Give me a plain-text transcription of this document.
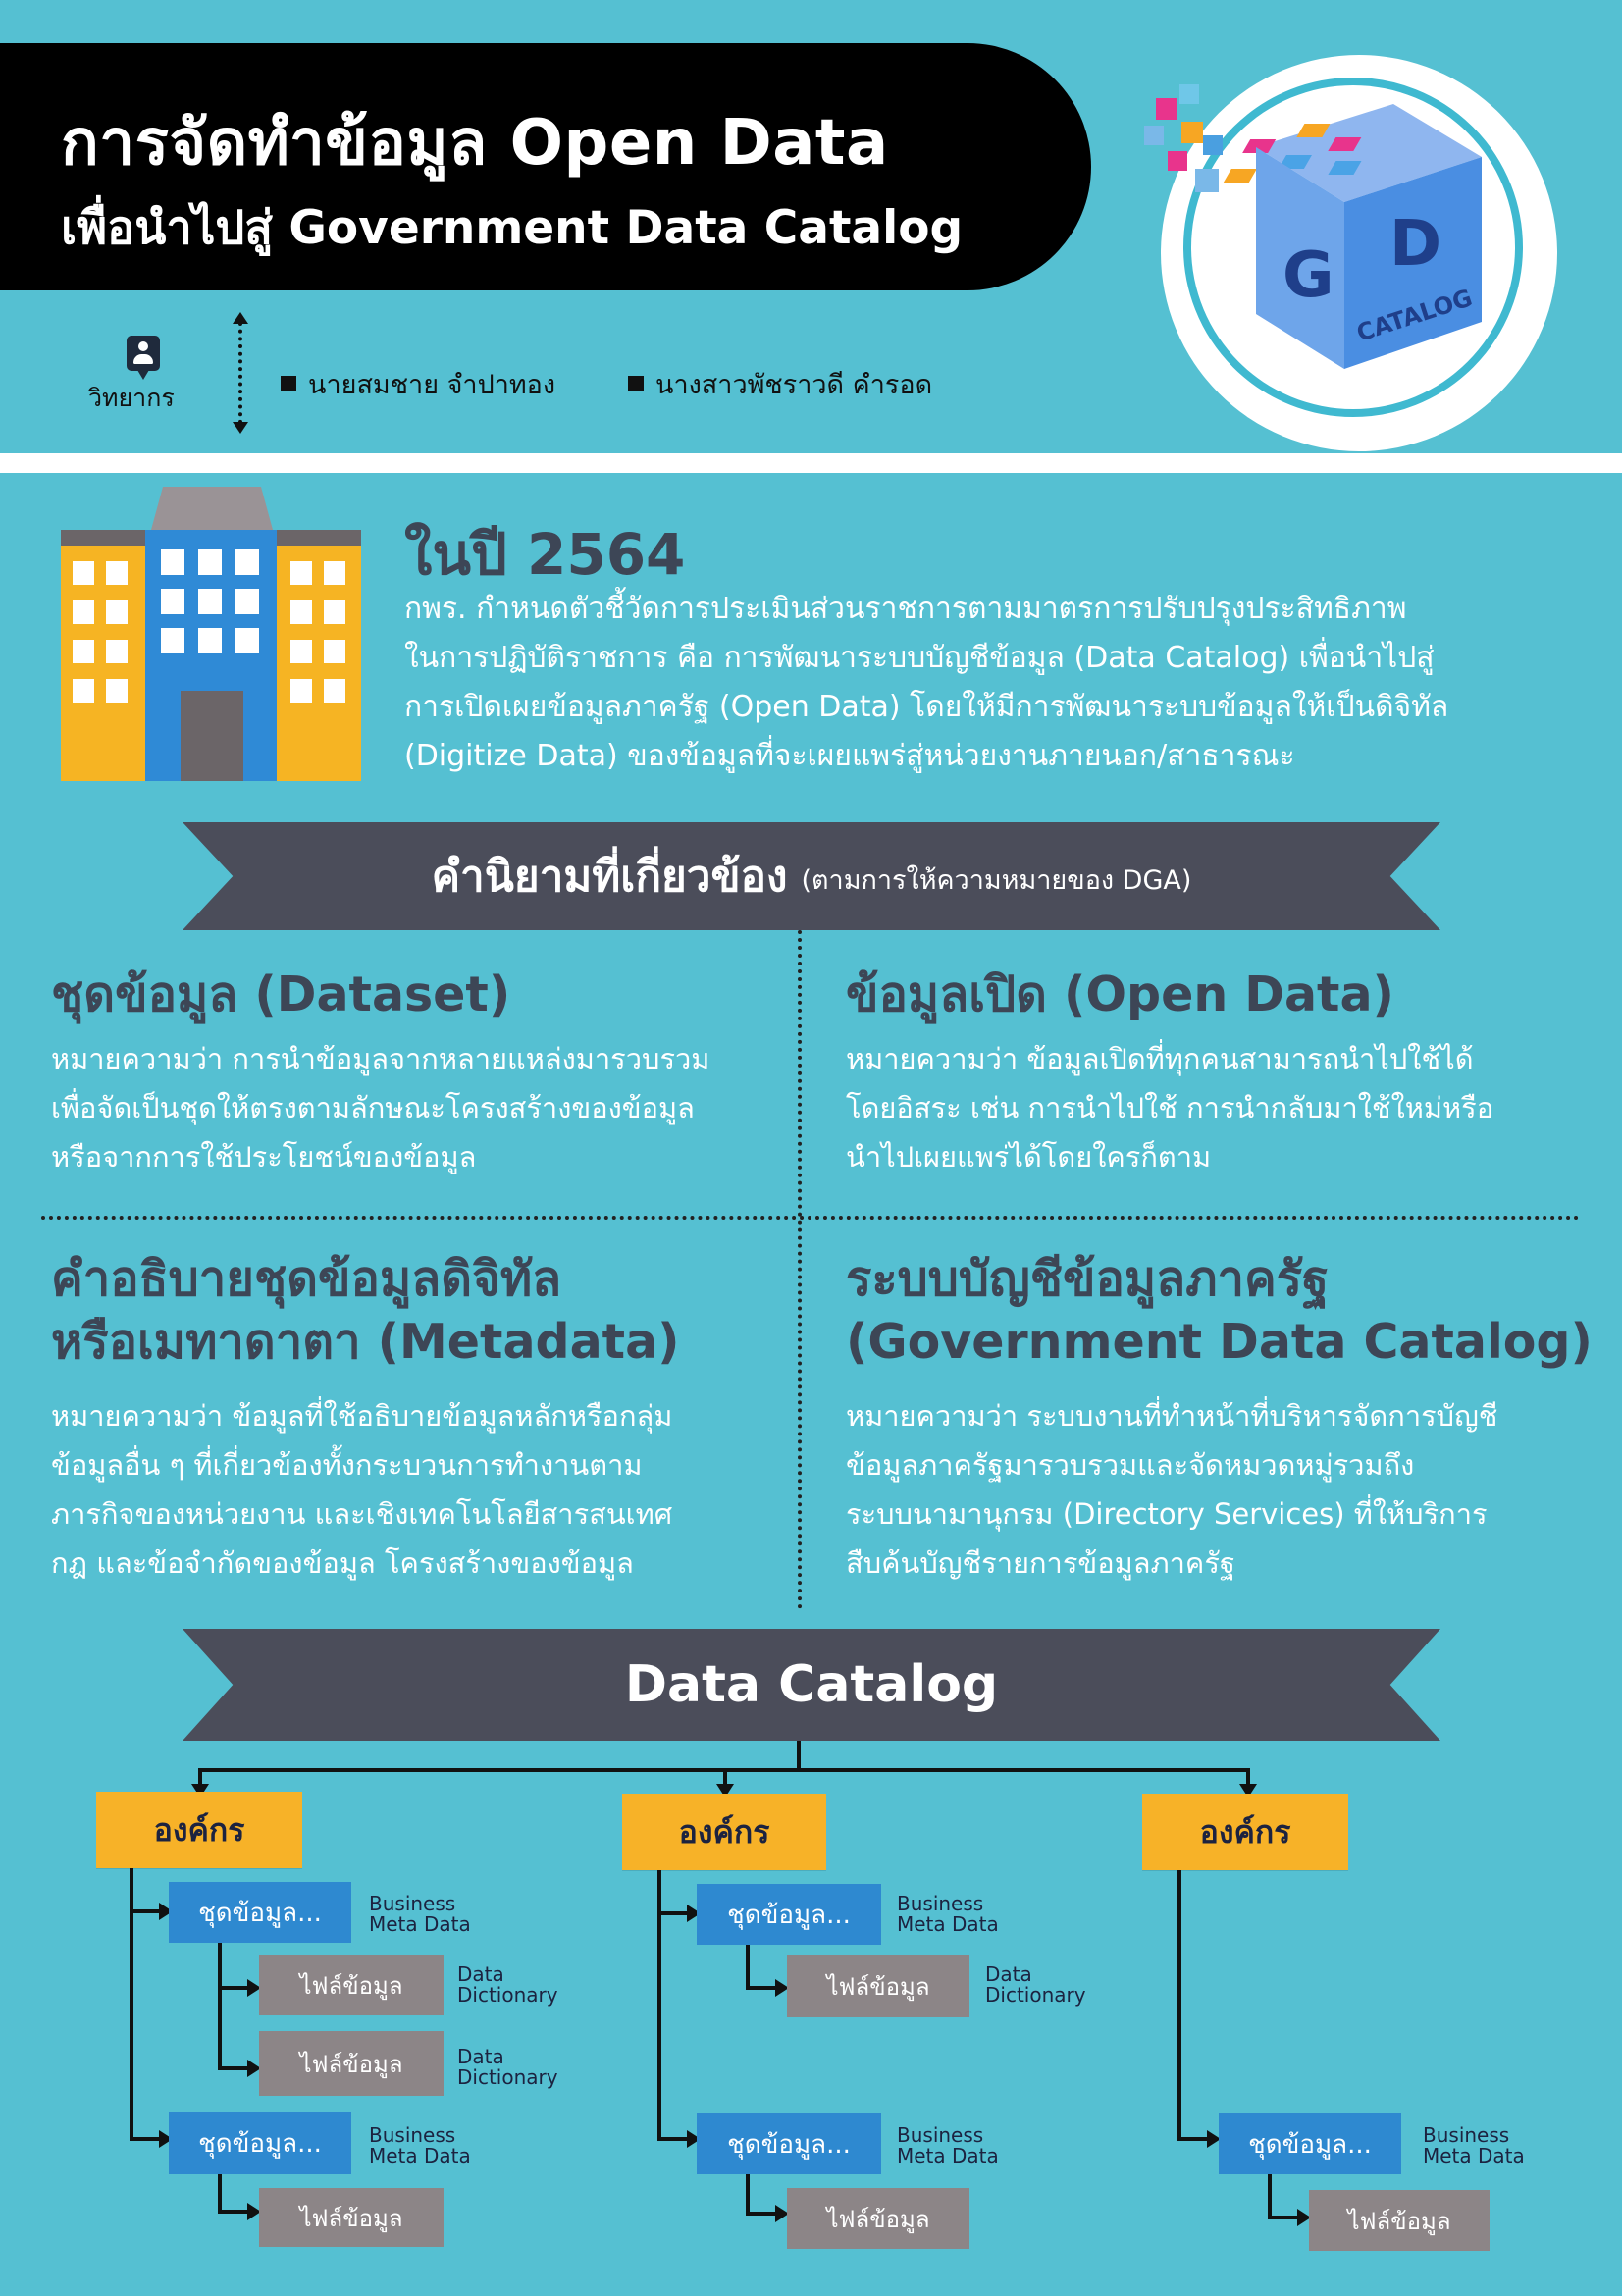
การจัดทำข้อมูล Open Data
เพื่อนำไปสู่ Government Data Catalog
วิทยากร	นายสมชาย จำปาทอง	นางสาวพัชราวดี คำรอด
G D
CATALOG
ในปี 2564
กพร. กำหนดตัวชี้วัดการประเมินส่วนราชการตามมาตรการปรับปรุงประสิทธิภาพ
ในการปฏิบัติราชการ คือ การพัฒนาระบบบัญชีข้อมูล (Data Catalog) เพื่อนำไปสู่
การเปิดเผยข้อมูลภาครัฐ (Open Data) โดยให้มีการพัฒนาระบบข้อมูลให้เป็นดิจิทัล
(Digitize Data) ของข้อมูลที่จะเผยแพร่สู่หน่วยงานภายนอก/สาธารณะ
คำนิยามที่เกี่ยวข้อง (ตามการให้ความหมายของ DGA)
ชุดข้อมูล (Dataset)
หมายความว่า การนำข้อมูลจากหลายแหล่งมารวบรวม
เพื่อจัดเป็นชุดให้ตรงตามลักษณะโครงสร้างของข้อมูล
หรือจากการใช้ประโยชน์ของข้อมูล
ข้อมูลเปิด (Open Data)
หมายความว่า ข้อมูลเปิดที่ทุกคนสามารถนำไปใช้ได้
โดยอิสระ เช่น การนำไปใช้ การนำกลับมาใช้ใหม่หรือ
นำไปเผยแพร่ได้โดยใครก็ตาม
คำอธิบายชุดข้อมูลดิจิทัล
หรือเมทาดาตา (Metadata)
หมายความว่า ข้อมูลที่ใช้อธิบายข้อมูลหลักหรือกลุ่ม
ข้อมูลอื่น ๆ ที่เกี่ยวข้องทั้งกระบวนการทำงานตาม
ภารกิจของหน่วยงาน และเชิงเทคโนโลยีสารสนเทศ
กฎ และข้อจำกัดของข้อมูล โครงสร้างของข้อมูล
ระบบบัญชีข้อมูลภาครัฐ
(Government Data Catalog)
หมายความว่า ระบบงานที่ทำหน้าที่บริหารจัดการบัญชี
ข้อมูลภาครัฐมารวบรวมและจัดหมวดหมู่รวมถึง
ระบบนามานุกรม (Directory Services) ที่ให้บริการ
สืบค้นบัญชีรายการข้อมูลภาครัฐ
Data Catalog
องค์กร
ชุดข้อมูล...	Business
Meta Data
ไฟล์ข้อมูล	Data
Dictionary
ไฟล์ข้อมูล	Data
Dictionary
ชุดข้อมูล...	Business
Meta Data
ไฟล์ข้อมูล
องค์กร
ชุดข้อมูล...	Business
Meta Data
ไฟล์ข้อมูล	Data
Dictionary
ชุดข้อมูล...	Business
Meta Data
ไฟล์ข้อมูล
องค์กร
ชุดข้อมูล...	Business
Meta Data
ไฟล์ข้อมูล
